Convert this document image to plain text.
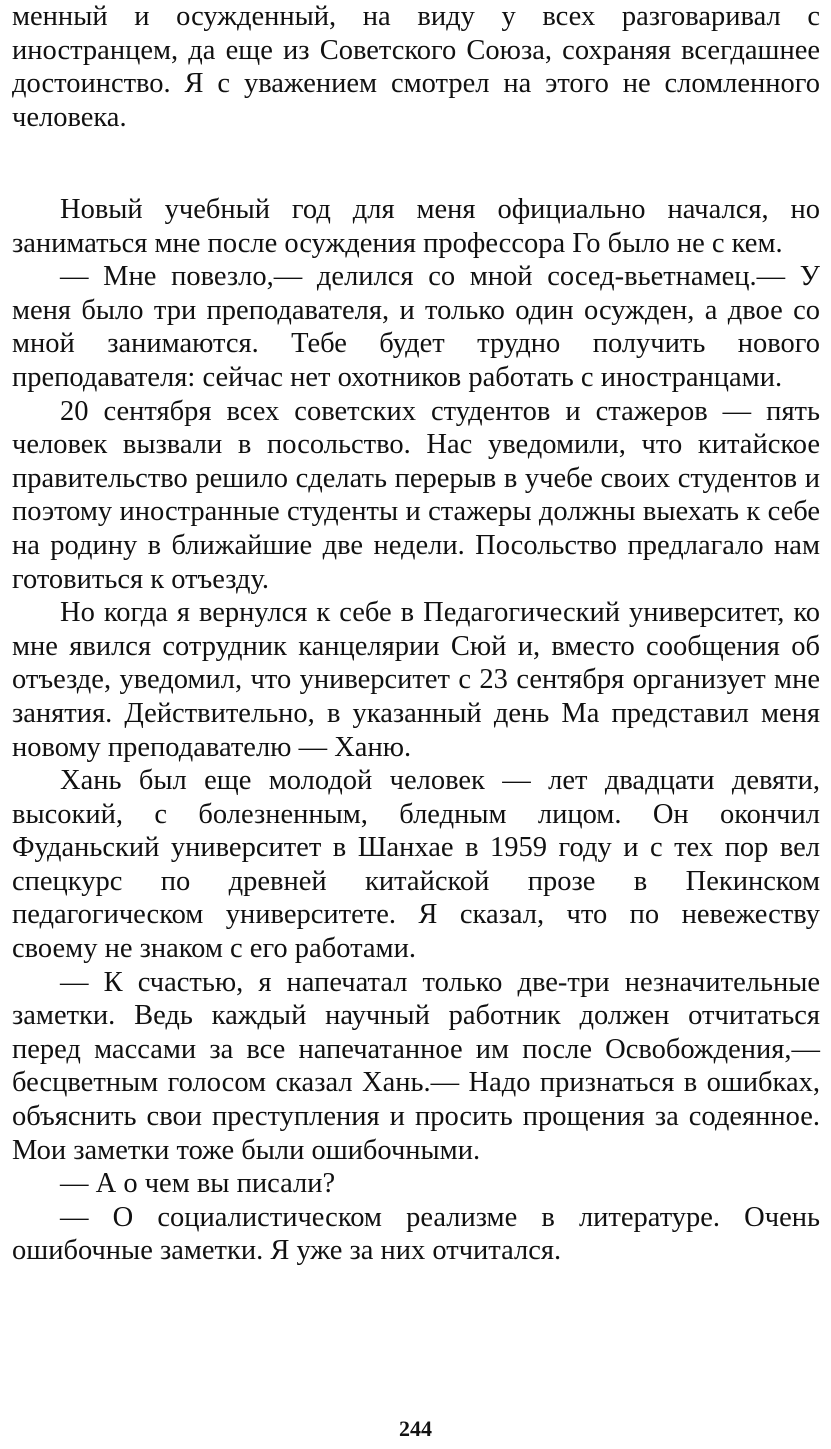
менный и осужденный, на виду у всех разговаривал с иностранцем, да еще из Советского Союза, сохраняя всегдашнее достоинство. Я с уважением смотрел на этого не сломленного человека.

Новый учебный год для меня официально начался, но заниматься мне после осуждения профессора Го было не с кем.

— Мне повезло,— делился со мной сосед-вьетнамец.— У меня было три преподавателя, и только один осужден, а двое со мной занимаются. Тебе будет трудно получить нового преподавателя: сейчас нет охотников работать с иностранцами.

20 сентября всех советских студентов и стажеров — пять человек вызвали в посольство. Нас уведомили, что китайское правительство решило сделать перерыв в учебе своих студентов и поэтому иностранные студенты и стажеры должны выехать к себе на родину в ближайшие две недели. Посольство предлагало нам готовиться к отъезду.

Но когда я вернулся к себе в Педагогический университет, ко мне явился сотрудник канцелярии Сюй и, вместо сообщения об отъезде, уведомил, что университет с 23 сентября организует мне занятия. Действительно, в указанный день Ма представил меня новому преподавателю — Ханю.

Хань был еще молодой человек — лет двадцати девяти, высокий, с болезненным, бледным лицом. Он окончил Фуданьский университет в Шанхае в 1959 году и с тех пор вел спецкурс по древней китайской прозе в Пекинском педагогическом университете. Я сказал, что по невежеству своему не знаком с его работами.

— К счастью, я напечатал только две-три незначительные заметки. Ведь каждый научный работник должен отчитаться перед массами за все напечатанное им после Освобождения,— бесцветным голосом сказал Хань.— Надо признаться в ошибках, объяснить свои преступления и просить прощения за содеянное. Мои заметки тоже были ошибочными.

— А о чем вы писали?

— О социалистическом реализме в литературе. Очень ошибочные заметки. Я уже за них отчитался.

244
